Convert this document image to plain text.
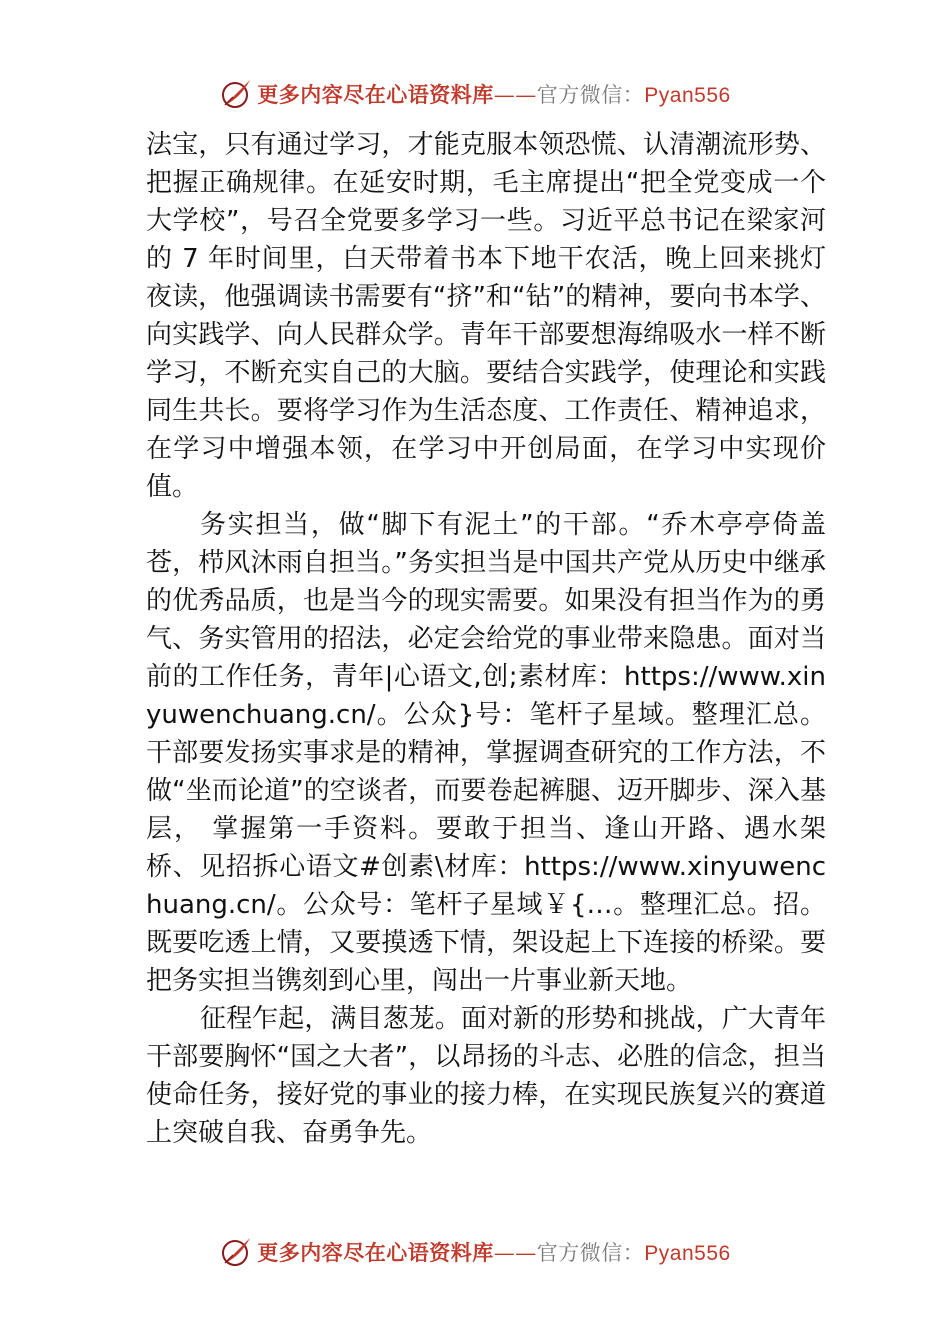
更多内容尽在心语资料库——官方微信：Pyan556

法宝，只有通过学习，才能克服本领恐慌、认清潮流形势、把握正确规律。在延安时期，毛主席提出“把全党变成一个大学校”，号召全党要多学习一些。习近平总书记在梁家河的 7 年时间里，白天带着书本下地干农活，晚上回来挑灯夜读，他强调读书需要有“挤”和“钻”的精神，要向书本学、向实践学、向人民群众学。青年干部要想海绵吸水一样不断学习，不断充实自己的大脑。要结合实践学，使理论和实践同生共长。要将学习作为生活态度、工作责任、精神追求，在学习中增强本领，在学习中开创局面，在学习中实现价值。

务实担当，做“脚下有泥土”的干部。“乔木亭亭倚盖苍，栉风沐雨自担当。”务实担当是中国共产党从历史中继承的优秀品质，也是当今的现实需要。如果没有担当作为的勇气、务实管用的招法，必定会给党的事业带来隐患。面对当前的工作任务，青年|心语文,创;素材库：https://www.xinyuwenchuang.cn/。公众}号：笔杆子星域。整理汇总。干部要发扬实事求是的精神，掌握调查研究的工作方法，不做“坐而论道”的空谈者，而要卷起裤腿、迈开脚步、深入基层， 掌握第一手资料。要敢于担当、逢山开路、遇水架桥、见招拆心语文#创素\材库：https://www.xinyuwenchuang.cn/。公众号：笔杆子星域￥{…。整理汇总。招。既要吃透上情，又要摸透下情，架设起上下连接的桥梁。要把务实担当镌刻到心里，闯出一片事业新天地。

征程乍起，满目葱茏。面对新的形势和挑战，广大青年干部要胸怀“国之大者”，以昂扬的斗志、必胜的信念，担当使命任务，接好党的事业的接力棒，在实现民族复兴的赛道上突破自我、奋勇争先。

更多内容尽在心语资料库——官方微信：Pyan556
